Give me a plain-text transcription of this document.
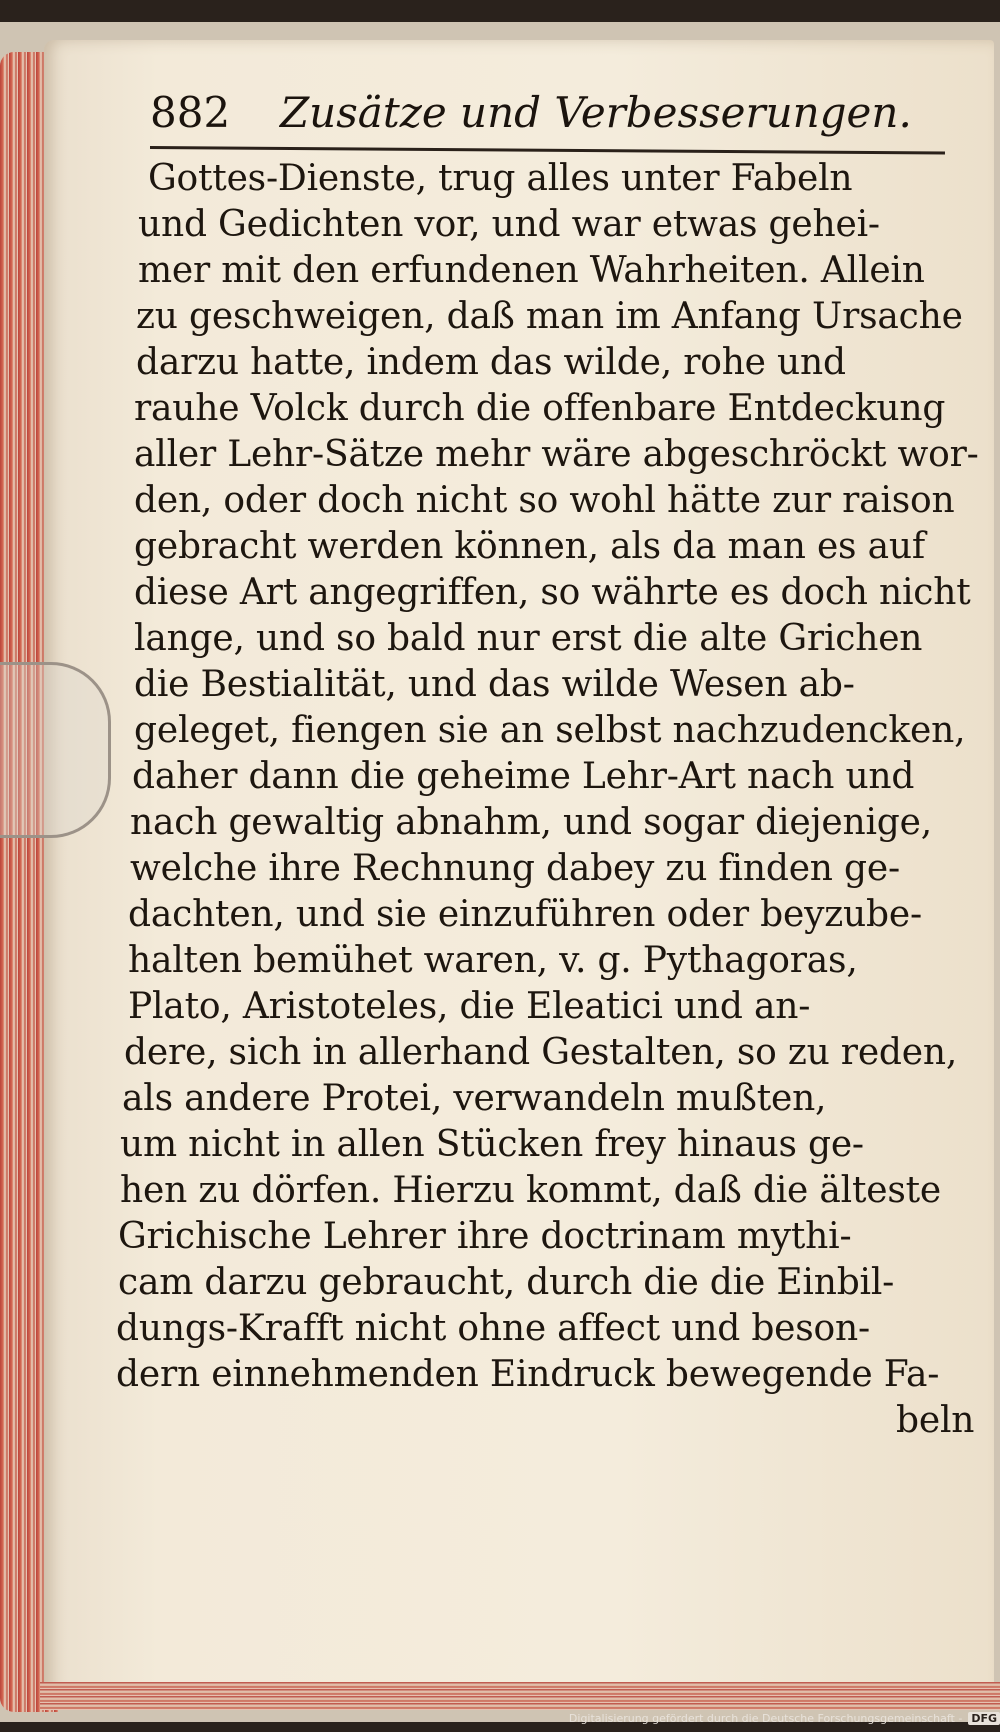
882 Zusätze und Verbesserungen.
Gottes-Dienste, trug alles unter Fabeln
und Gedichten vor, und war etwas gehei-
mer mit den erfundenen Wahrheiten. Allein
zu geschweigen, daß man im Anfang Ursache
darzu hatte, indem das wilde, rohe und
rauhe Volck durch die offenbare Entdeckung
aller Lehr-Sätze mehr wäre abgeschröckt wor-
den, oder doch nicht so wohl hätte zur raison
gebracht werden können, als da man es auf
diese Art angegriffen, so währte es doch nicht
lange, und so bald nur erst die alte Grichen
die Bestialität, und das wilde Wesen ab-
geleget, fiengen sie an selbst nachzudencken,
daher dann die geheime Lehr-Art nach und
nach gewaltig abnahm, und sogar diejenige,
welche ihre Rechnung dabey zu finden ge-
dachten, und sie einzuführen oder beyzube-
halten bemühet waren, v. g. Pythagoras,
Plato, Aristoteles, die Eleatici und an-
dere, sich in allerhand Gestalten, so zu reden,
als andere Protei, verwandeln mußten,
um nicht in allen Stücken frey hinaus ge-
hen zu dörfen. Hierzu kommt, daß die älteste
Grichische Lehrer ihre doctrinam mythi-
cam darzu gebraucht, durch die die Einbil-
dungs-Krafft nicht ohne affect und beson-
dern einnehmenden Eindruck bewegende Fa-
beln
Digitalisierung gefördert durch die Deutsche Forschungsgemeinschaft - DFG
